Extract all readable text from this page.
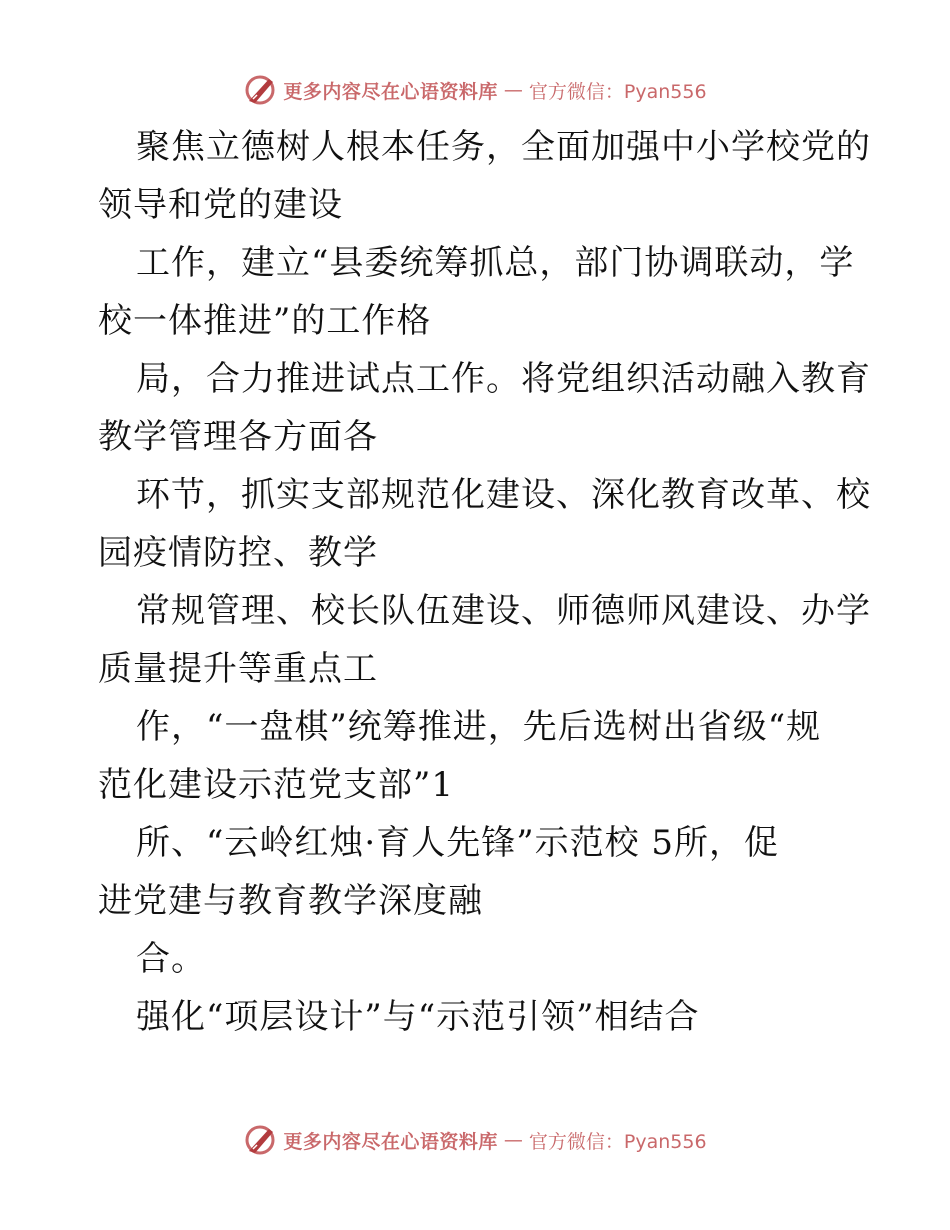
更多内容尽在心语资料库 — 官方微信：Pyan556
聚焦立德树人根本任务，全面加强中小学校党的
领导和党的建设
工作，建立“县委统筹抓总，部门协调联动，学
校一体推进”的工作格
局，合力推进试点工作。将党组织活动融入教育
教学管理各方面各
环节，抓实支部规范化建设、深化教育改革、校
园疫情防控、教学
常规管理、校长队伍建设、师德师风建设、办学
质量提升等重点工
作，“一盘棋”统筹推进，先后选树出省级“规
范化建设示范党支部”1
所、“云岭红烛·育人先锋”示范校 5所，促
进党建与教育教学深度融
合。
强化“项层设计”与“示范引领”相结合
更多内容尽在心语资料库 — 官方微信：Pyan556
